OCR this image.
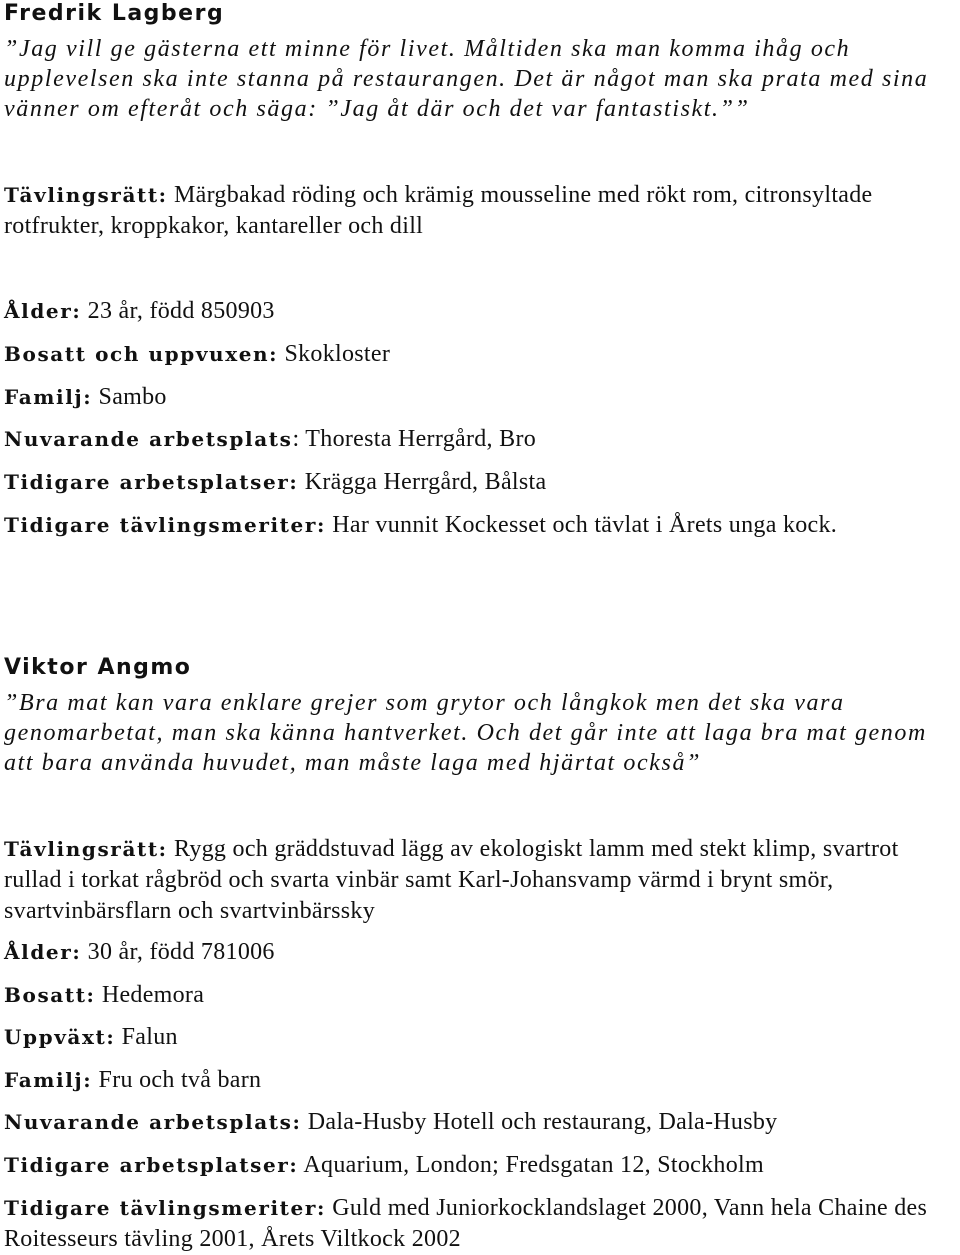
Fredrik Lagberg
”Jag vill ge gästerna ett minne för livet. Måltiden ska man komma ihåg och upplevelsen ska inte stanna på restaurangen. Det är något man ska prata med sina vänner om efteråt och säga: ”Jag åt där och det var fantastiskt.””
Tävlingsrätt: Märgbakad röding och krämig mousseline med rökt rom, citronsyltade rotfrukter, kroppkakor, kantareller och dill
Ålder: 23 år, född 850903
Bosatt och uppvuxen: Skokloster
Familj: Sambo
Nuvarande arbetsplats: Thoresta Herrgård, Bro
Tidigare arbetsplatser: Krägga Herrgård, Bålsta
Tidigare tävlingsmeriter: Har vunnit Kockesset och tävlat i Årets unga kock.
Viktor Angmo
”Bra mat kan vara enklare grejer som grytor och långkok men det ska vara genomarbetat, man ska känna hantverket. Och det går inte att laga bra mat genom att bara använda huvudet, man måste laga med hjärtat också”
Tävlingsrätt: Rygg och gräddstuvad lägg av ekologiskt lamm med stekt klimp, svartrot rullad i torkat rågbröd och svarta vinbär samt Karl-Johansvamp värmd i brynt smör, svartvinbärsflarn och svartvinbärssky
Ålder: 30 år, född 781006
Bosatt: Hedemora
Uppväxt: Falun
Familj: Fru och två barn
Nuvarande arbetsplats: Dala-Husby Hotell och restaurang, Dala-Husby
Tidigare arbetsplatser: Aquarium, London; Fredsgatan 12, Stockholm
Tidigare tävlingsmeriter: Guld med Juniorkocklandslaget 2000, Vann hela Chaine des Roitesseurs tävling 2001, Årets Viltkock 2002
